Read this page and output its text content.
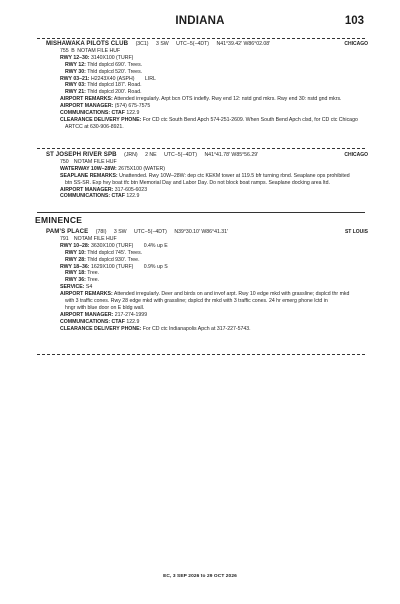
INDIANA	103
MISHAWAKA PILOTS CLUB (3C1) 3 SW UTC−5(−4DT) N41°39.42′ W86°02.08′	CHICAGO
755 B NOTAM FILE HUF
RWY 12–30: 3140X100 (TURF)
RWY 12: Thld dsplcd 690′. Trees.
RWY 30: Thld dsplcd 520′. Trees.
RWY 03–21: H2243X40 (ASPH)  LIRL
RWY 03: Thld dsplcd 187′. Road.
RWY 21: Thld dsplcd 200′. Road.
AIRPORT REMARKS: Attended irregularly. Arpt bcn OTS indefly. Rwy end 12: nstd gnd mkrs. Rwy end 30: nstd gnd mkrs.
AIRPORT MANAGER: (574) 675-7575
COMMUNICATIONS: CTAF 122.9
CLEARANCE DELIVERY PHONE: For CD ctc South Bend Apch 574-251-2609. When South Bend Apch clsd, for CD ctc Chicago
ARTCC at 630-906-8921.
ST JOSEPH RIVER SPB (JRN) 2 NE UTC−5(−4DT) N41°41.78′ W85°56.29′	CHICAGO
750  NOTAM FILE HUF
WATERWAY 10W–28W: 2675X100 (WATER)
SEAPLANE REMARKS: Unattended. Rwy 10W–28W: dep ctc KEKM tower at 119.5 bfr turning rbnd. Seaplane ops prohibited
btn SS-SR. Exp hvy boat tfc btn Memorial Day and Labor Day. Do not block boat ramps. Seaplane docking area ltd.
AIRPORT MANAGER: 317-605-6023
COMMUNICATIONS: CTAF 122.9
EMINENCE
PAM’S PLACE (78I) 3 SW UTC−5(−4DT) N39°30.10′ W86°41.31′	ST LOUIS
791  NOTAM FILE HUF
RWY 10–28: 3630X100 (TURF)  0.4% up E
RWY 10: Thld dsplcd 745′. Trees.
RWY 28: Thld dsplcd 930′. Tree.
RWY 18–36: 1629X100 (TURF)  0.9% up S
RWY 18: Tree.
RWY 36: Tree.
SERVICE: S4
AIRPORT REMARKS: Attended irregularly. Deer and birds on and invof arpt. Rwy 10 edge mkd with grassline; dsplcd thr mkd
with 3 traffic cones. Rwy 28 edge mkd with grassline; dsplcd thr mkd with 3 traffic cones. 24 hr emerg phone lctd in
hngr with blue door on E bldg wall.
AIRPORT MANAGER: 217-274-1999
COMMUNICATIONS: CTAF 122.9
CLEARANCE DELIVERY PHONE: For CD ctc Indianapolis Apch at 317-227-5743.
EC, 3 SEP 2026 to 29 OCT 2026
